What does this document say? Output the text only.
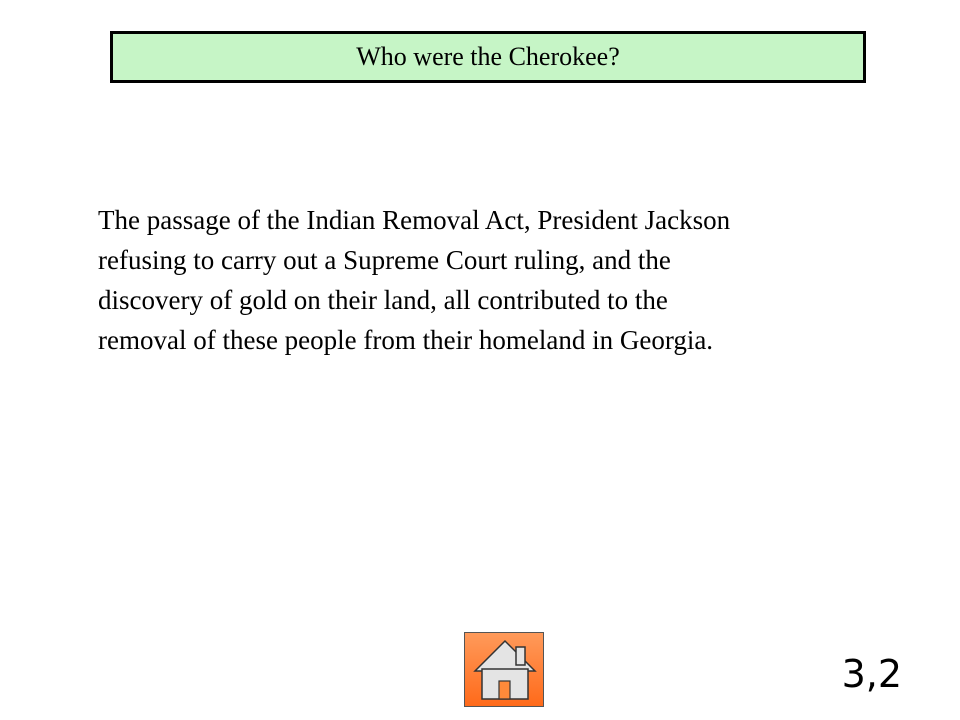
Who were the Cherokee?

The passage of the Indian Removal Act, President Jackson
refusing to carry out a Supreme Court ruling, and the
discovery of gold on their land, all contributed to the
removal of these people from their homeland in Georgia.

3,2
